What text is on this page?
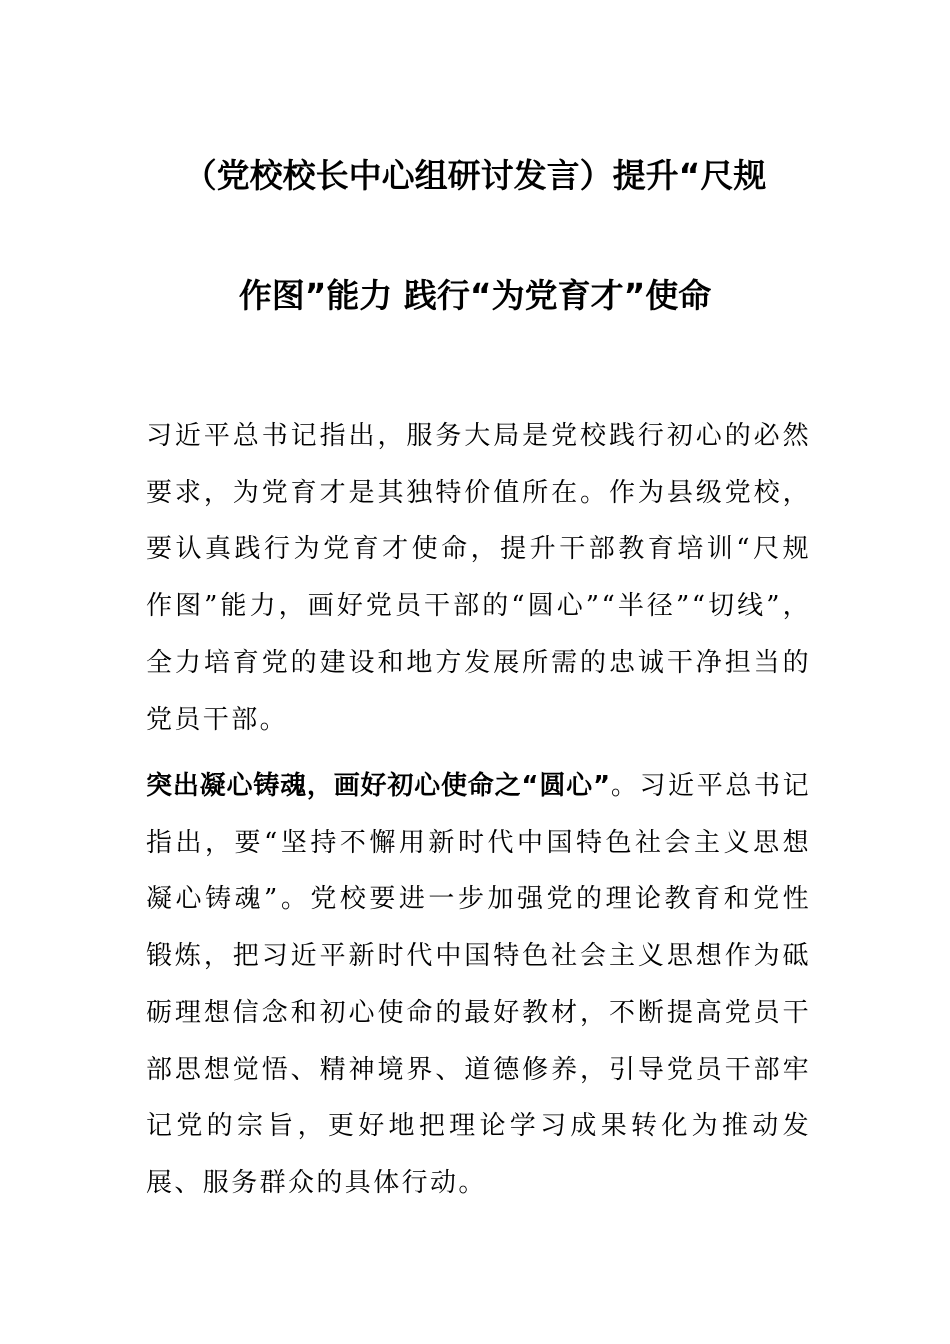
（党校校长中心组研讨发言）提升“尺规
作图”能力 践行“为党育才”使命

习近平总书记指出，服务大局是党校践行初心的必然要求，为党育才是其独特价值所在。作为县级党校，要认真践行为党育才使命，提升干部教育培训“尺规作图”能力，画好党员干部的“圆心”“半径”“切线”，全力培育党的建设和地方发展所需的忠诚干净担当的党员干部。

突出凝心铸魂，画好初心使命之“圆心”。习近平总书记指出，要“坚持不懈用新时代中国特色社会主义思想凝心铸魂”。党校要进一步加强党的理论教育和党性锻炼，把习近平新时代中国特色社会主义思想作为砥砺理想信念和初心使命的最好教材，不断提高党员干部思想觉悟、精神境界、道德修养，引导党员干部牢记党的宗旨，更好地把理论学习成果转化为推动发展、服务群众的具体行动。
